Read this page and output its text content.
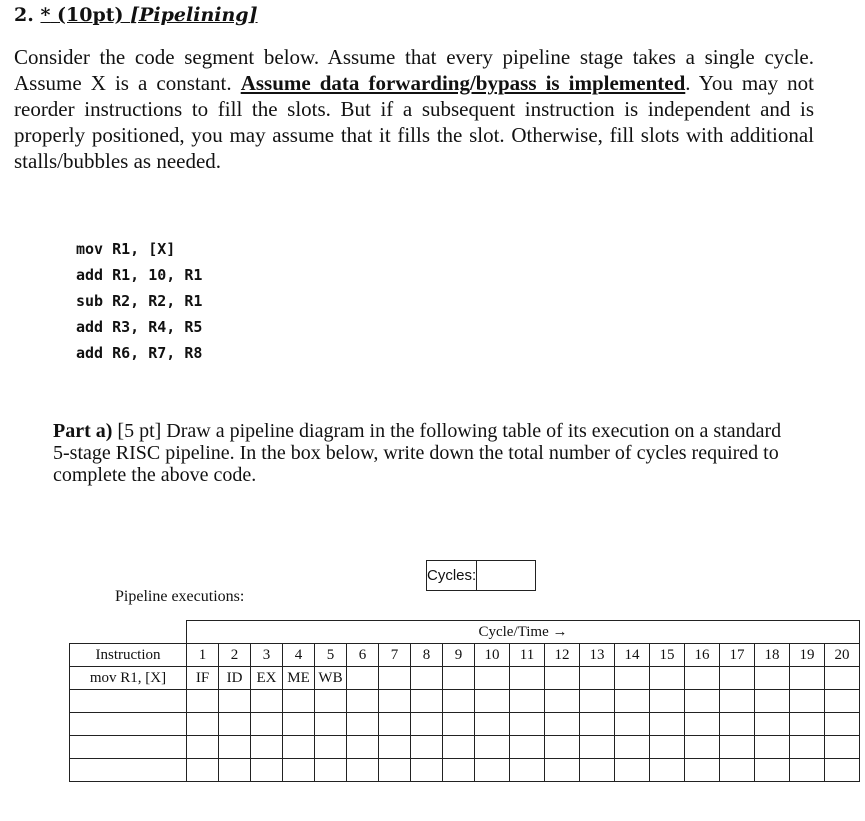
2. * (10pt) [Pipelining]

Consider the code segment below. Assume that every pipeline stage takes a single cycle. Assume X is a constant. Assume data forwarding/bypass is implemented. You may not reorder instructions to fill the slots. But if a subsequent instruction is independent and is properly positioned, you may assume that it fills the slot. Otherwise, fill slots with additional stalls/bubbles as needed.

mov R1, [X]
add R1, 10, R1
sub R2, R2, R1
add R3, R4, R5
add R6, R7, R8

Part a) [5 pt] Draw a pipeline diagram in the following table of its execution on a standard 5-stage RISC pipeline. In the box below, write down the total number of cycles required to complete the above code.

Cycles:
Pipeline executions:
	Cycle/Time →																			
Instruction	1	2	3	4	5	6	7	8	9	10	11	12	13	14	15	16	17	18	19	20
mov R1, [X]	IF	ID	EX	ME	WB															
